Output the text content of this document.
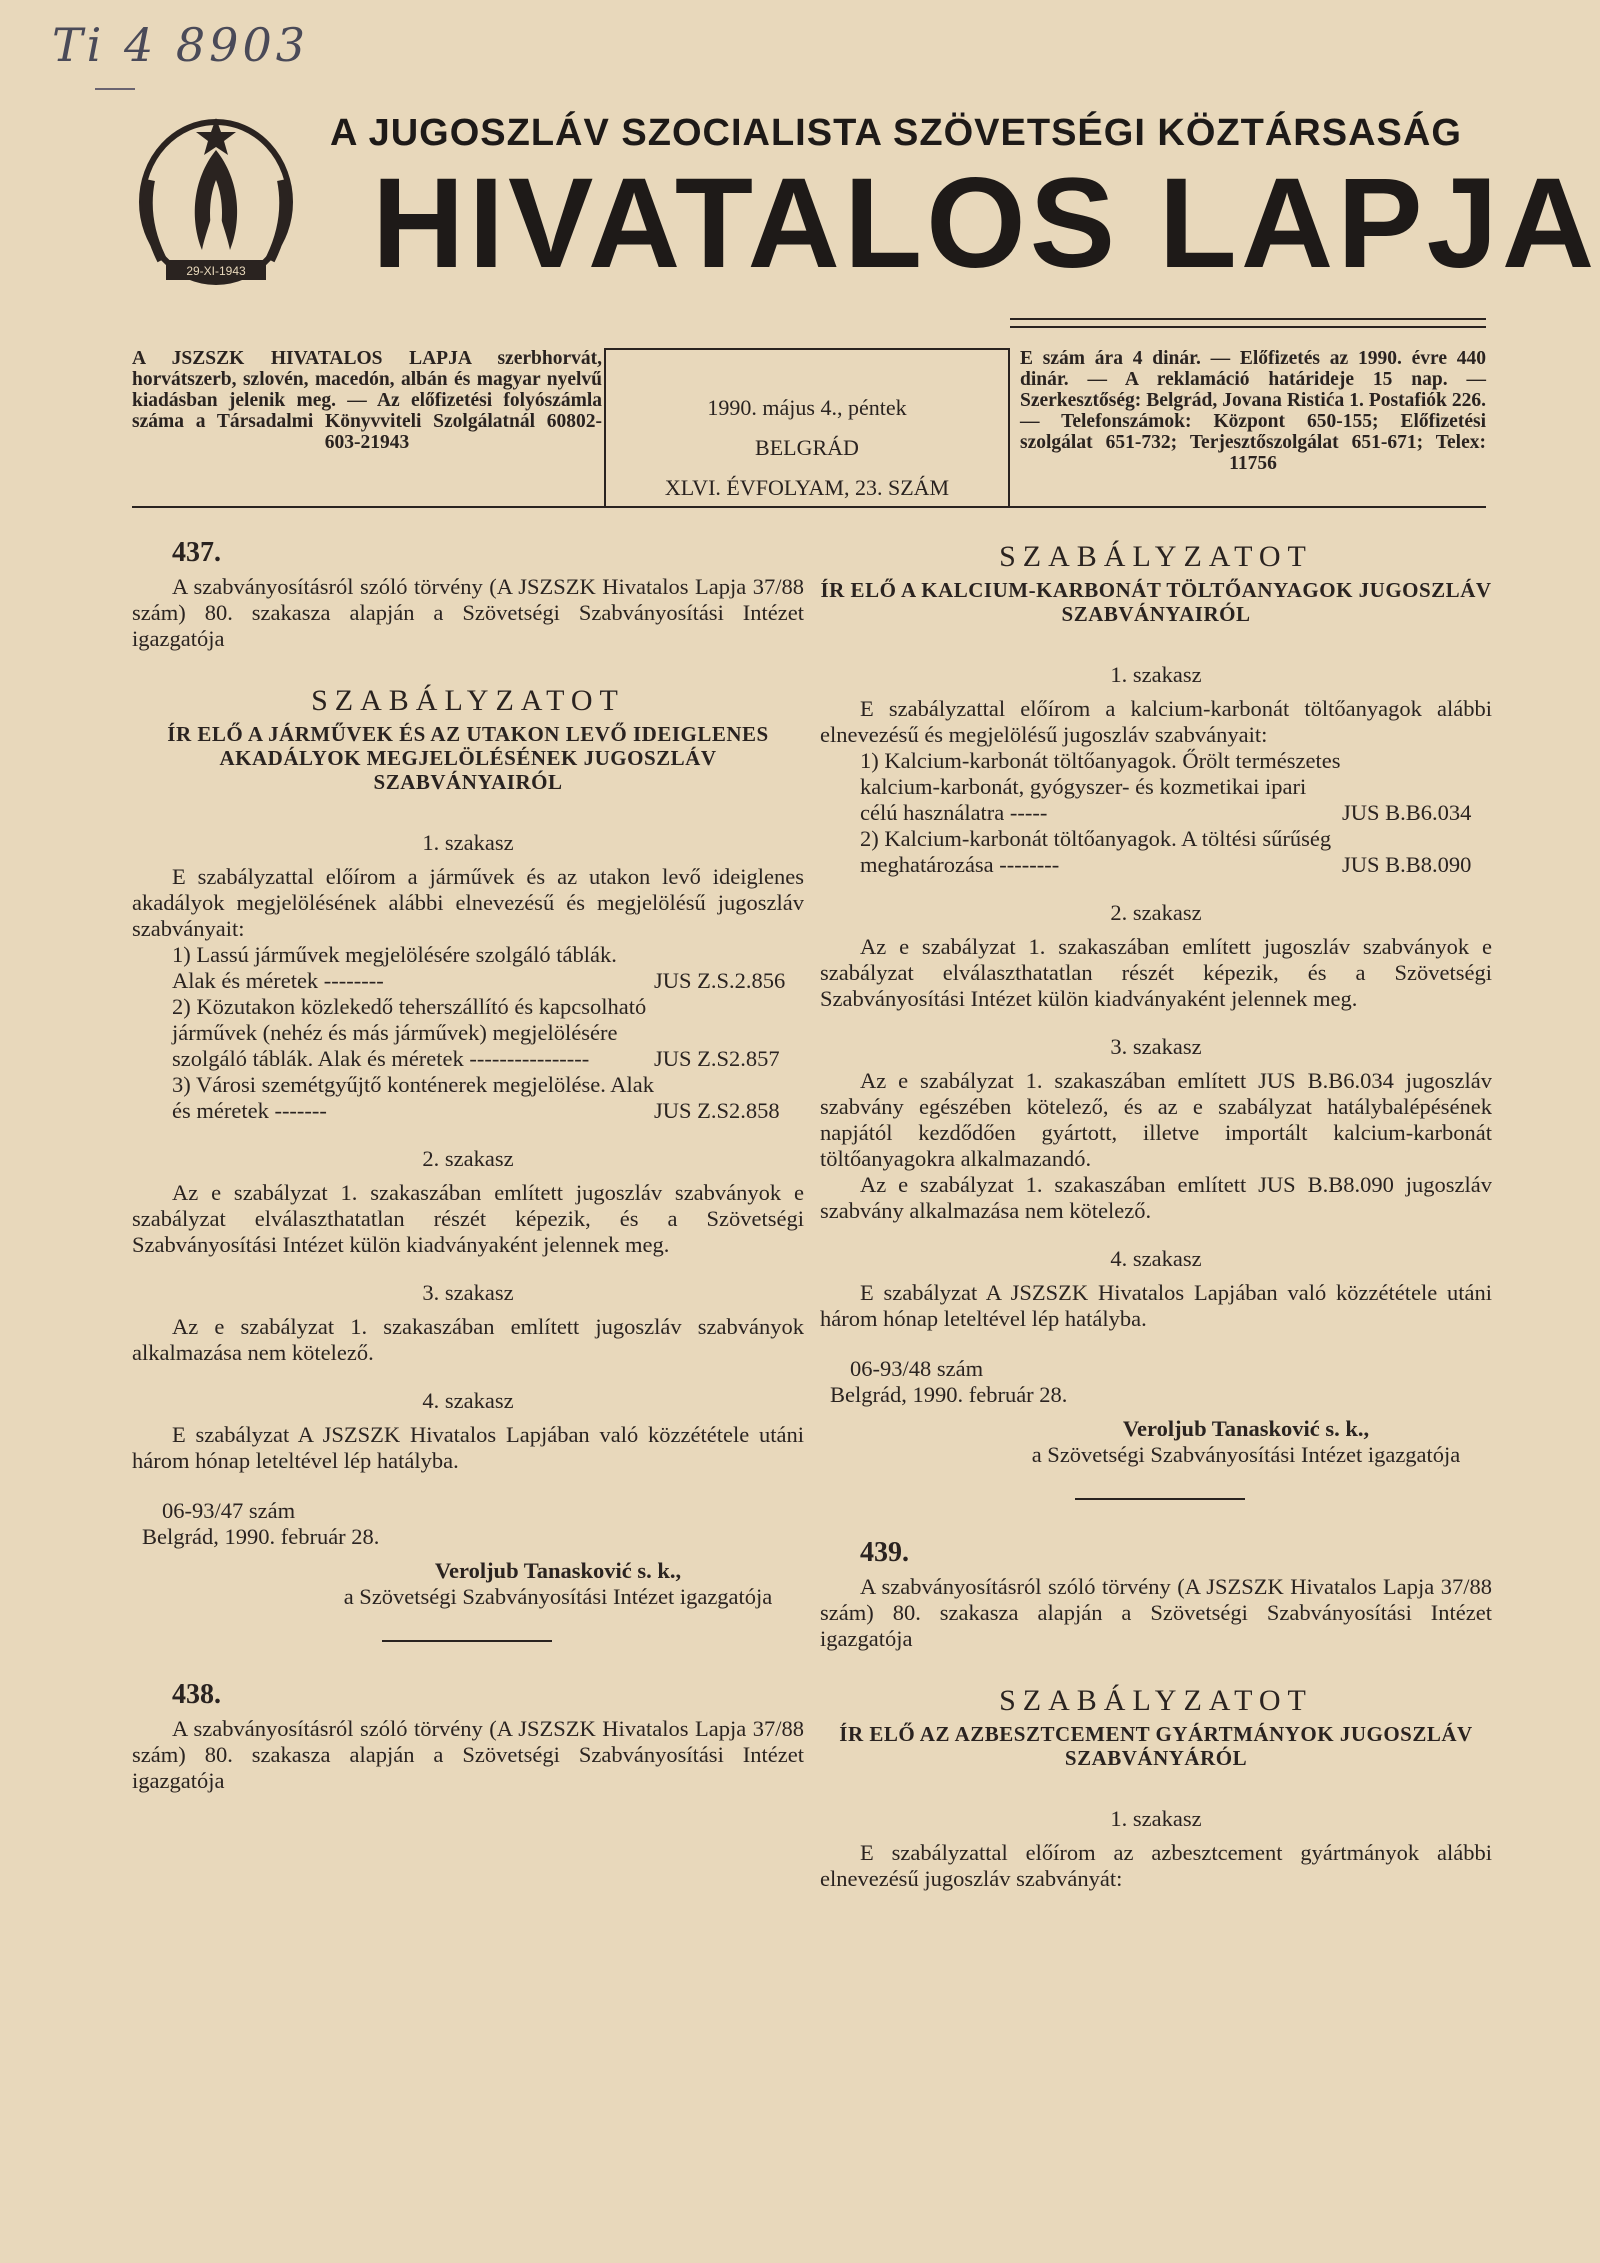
Ti 4 8903
29-XI-1943
A JUGOSZLÁV SZOCIALISTA SZÖVETSÉGI KÖZTÁRSASÁG
HIVATALOS LAPJA
A JSZSZK HIVATALOS LAPJA szerbhorvát, horvátszerb, szlovén, macedón, albán és magyar nyelvű kiadásban jelenik meg. — Az előfizetési folyószámla száma a Társadalmi Könyvviteli Szolgálatnál 60802-603-21943
1990. május 4., péntek
BELGRÁD
XLVI. ÉVFOLYAM, 23. SZÁM
E szám ára 4 dinár. — Előfizetés az 1990. évre 440 dinár. — A reklamáció határideje 15 nap. — Szerkesztőség: Belgrád, Jovana Ristića 1. Postafiók 226. — Telefonszámok: Központ 650-155; Előfizetési szolgálat 651-732; Terjesztőszolgálat 651-671; Telex: 11756
437.

A szabványosításról szóló törvény (A JSZSZK Hivatalos Lapja 37/88 szám) 80. szakasza alapján a Szövetségi Szabványosítási Intézet igazgatója

SZABÁLYZATOT
ÍR ELŐ A JÁRMŰVEK ÉS AZ UTAKON LEVŐ IDEIGLENES AKADÁLYOK MEGJELÖLÉSÉNEK JUGOSZLÁV SZABVÁNYAIRÓL
1. szakasz

E szabályzattal előírom a járművek és az utakon levő ideiglenes akadályok megjelölésének alábbi elnevezésű és megjelölésű jugoszláv szabványait:

1) Lassú járművek megjelölésére szolgáló táblák. Alak és méretek --------	JUS Z.S.2.856
2) Közutakon közlekedő teherszállító és kapcsolható járművek (nehéz és más járművek) megjelölésére szolgáló táblák. Alak és méretek ----------------	JUS Z.S2.857
3) Városi szemétgyűjtő konténerek megjelölése. Alak és méretek -------	JUS Z.S2.858
2. szakasz

Az e szabályzat 1. szakaszában említett jugoszláv szabványok e szabályzat elválaszthatatlan részét képezik, és a Szövetségi Szabványosítási Intézet külön kiadványaként jelennek meg.

3. szakasz

Az e szabályzat 1. szakaszában említett jugoszláv szabványok alkalmazása nem kötelező.

4. szakasz

E szabályzat A JSZSZK Hivatalos Lapjában való közzététele utáni három hónap leteltével lép hatályba.

06-93/47 szám
Belgrád, 1990. február 28.
Veroljub Tanasković s. k.,
a Szövetségi Szabványosítási Intézet igazgatója
438.

A szabványosításról szóló törvény (A JSZSZK Hivatalos Lapja 37/88 szám) 80. szakasza alapján a Szövetségi Szabványosítási Intézet igazgatója

SZABÁLYZATOT
ÍR ELŐ A KALCIUM-KARBONÁT TÖLTŐANYAGOK JUGOSZLÁV SZABVÁNYAIRÓL
1. szakasz

E szabályzattal előírom a kalcium-karbonát töltőanyagok alábbi elnevezésű és megjelölésű jugoszláv szabványait:

1) Kalcium-karbonát töltőanyagok. Őrölt természetes kalcium-karbonát, gyógyszer- és kozmetikai ipari célú használatra -----	JUS B.B6.034
2) Kalcium-karbonát töltőanyagok. A töltési sűrűség meghatározása --------	JUS B.B8.090
2. szakasz

Az e szabályzat 1. szakaszában említett jugoszláv szabványok e szabályzat elválaszthatatlan részét képezik, és a Szövetségi Szabványosítási Intézet külön kiadványaként jelennek meg.

3. szakasz

Az e szabályzat 1. szakaszában említett JUS B.B6.034 jugoszláv szabvány egészében kötelező, és az e szabályzat hatálybalépésének napjától kezdődően gyártott, illetve importált kalcium-karbonát töltőanyagokra alkalmazandó.

Az e szabályzat 1. szakaszában említett JUS B.B8.090 jugoszláv szabvány alkalmazása nem kötelező.

4. szakasz

E szabályzat A JSZSZK Hivatalos Lapjában való közzététele utáni három hónap leteltével lép hatályba.

06-93/48 szám
Belgrád, 1990. február 28.
Veroljub Tanasković s. k.,
a Szövetségi Szabványosítási Intézet igazgatója
439.

A szabványosításról szóló törvény (A JSZSZK Hivatalos Lapja 37/88 szám) 80. szakasza alapján a Szövetségi Szabványosítási Intézet igazgatója

SZABÁLYZATOT
ÍR ELŐ AZ AZBESZTCEMENT GYÁRTMÁNYOK JUGOSZLÁV SZABVÁNYÁRÓL
1. szakasz

E szabályzattal előírom az azbesztcement gyártmányok alábbi elnevezésű jugoszláv szabványát:
